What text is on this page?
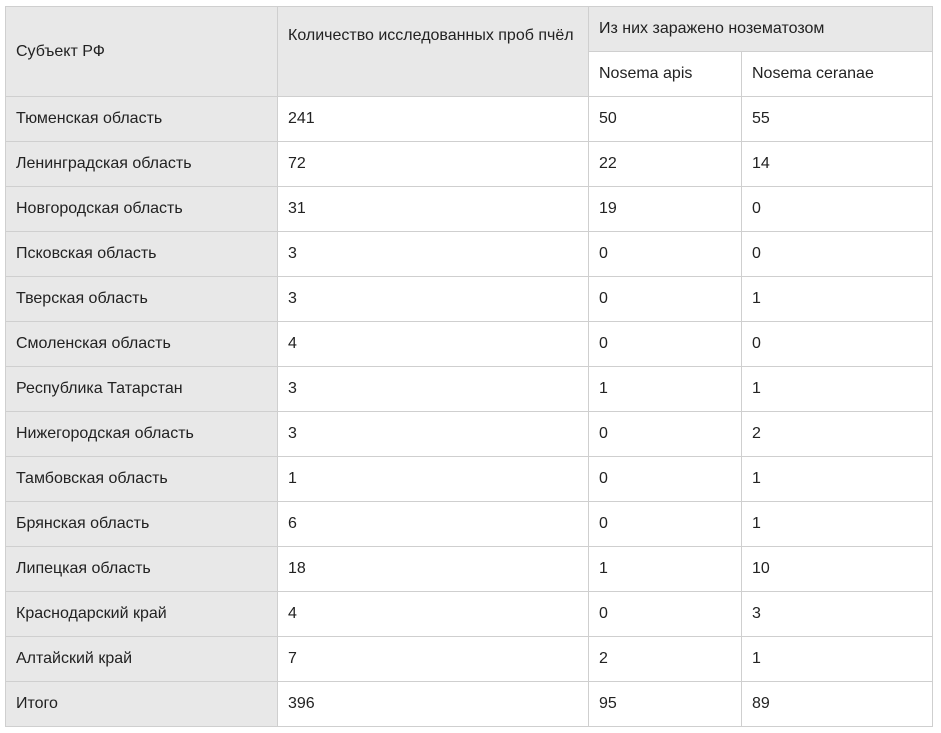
Субъект РФ	Количество исследованных проб пчёл	Из них заражено нозематозом	
		Nosema apis	Nosema ceranae
Тюменская область	241	50	55
Ленинградская область	72	22	14
Новгородская область	31	19	0
Псковская область	3	0	0
Тверская область	3	0	1
Смоленская область	4	0	0
Республика Татарстан	3	1	1
Нижегородская область	3	0	2
Тамбовская область	1	0	1
Брянская область	6	0	1
Липецкая область	18	1	10
Краснодарский край	4	0	3
Алтайский край	7	2	1
Итого	396	95	89
